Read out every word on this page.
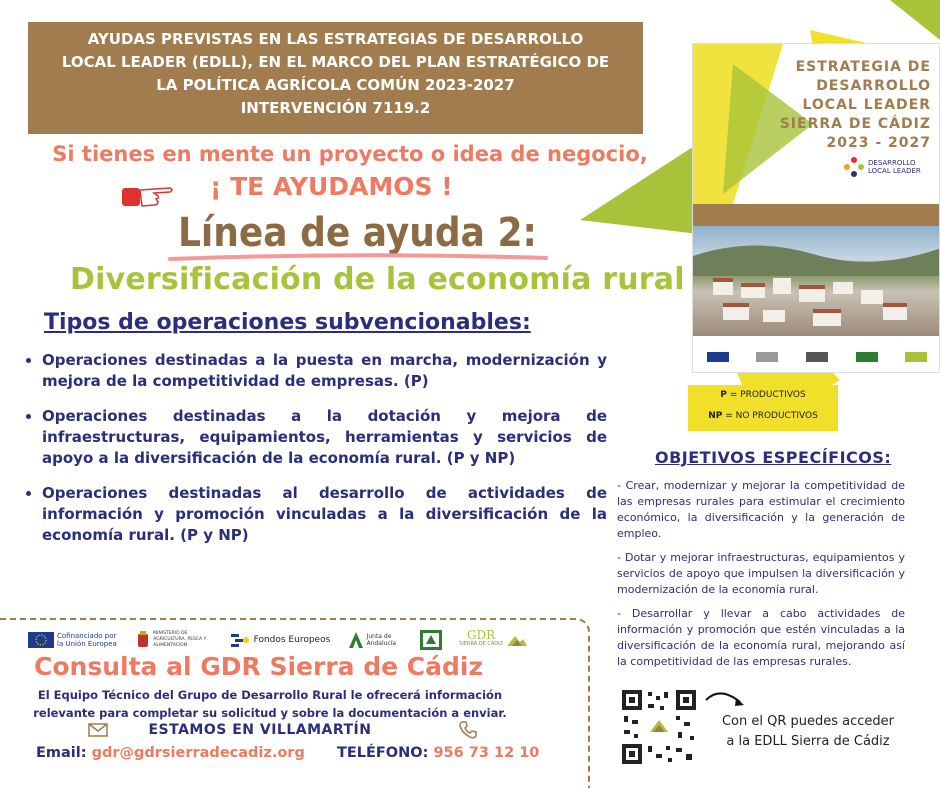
AYUDAS PREVISTAS EN LAS ESTRATEGIAS DE DESARROLLO
LOCAL LEADER (EDLL), EN EL MARCO DEL PLAN ESTRATÉGICO DE
LA POLÍTICA AGRÍCOLA COMÚN 2023-2027
INTERVENCIÓN 7119.2
Si tienes en mente un proyecto o idea de negocio,
¡ TE AYUDAMOS !
Línea de ayuda 2:
Diversificación de la economía rural
Tipos de operaciones subvencionables:
• Operaciones destinadas a la puesta en marcha, modernización y mejora de la competitividad de empresas. (P)
• Operaciones destinadas a la dotación y mejora de infraestructuras, equipamientos, herramientas y servicios de apoyo a la diversificación de la economía rural. (P y NP)
• Operaciones destinadas al desarrollo de actividades de información y promoción vinculadas a la diversificación de la economía rural. (P y NP)
ESTRATEGIA DE
DESARROLLO
LOCAL LEADER
SIERRA DE CÁDIZ
2023 - 2027
DESARROLLO
LOCAL LEADER
P = PRODUCTIVOS
NP = NO PRODUCTIVOS
OBJETIVOS ESPECÍFICOS:

- Crear, modernizar y mejorar la competitividad de las empresas rurales para estimular el crecimiento económico, la diversificación y la generación de empleo.

- Dotar y mejorar infraestructuras, equipamientos y servicios de apoyo que impulsen la diversificación y modernización de la economía rural.

- Desarrollar y llevar a cabo actividades de información y promoción que estén vinculadas a la diversificación de la economía rural, mejorando así la competitividad de las empresas rurales.

Con el QR puedes acceder
a la EDLL Sierra de Cádiz
Cofinanciado por la Unión Europea
MINISTERIO DE AGRICULTURA, PESCA Y ALIMENTACIÓN
Fondos Europeos	Junta de Andalucía
GDR
SIERRA DE CÁDIZ
Consulta al GDR Sierra de Cádiz
El Equipo Técnico del Grupo de Desarrollo Rural le ofrecerá información
relevante para completar su solicitud y sobre la documentación a enviar.
ESTAMOS EN VILLAMARTÍN
Email: gdr@gdrsierradecadiz.org TELÉFONO: 956 73 12 10
